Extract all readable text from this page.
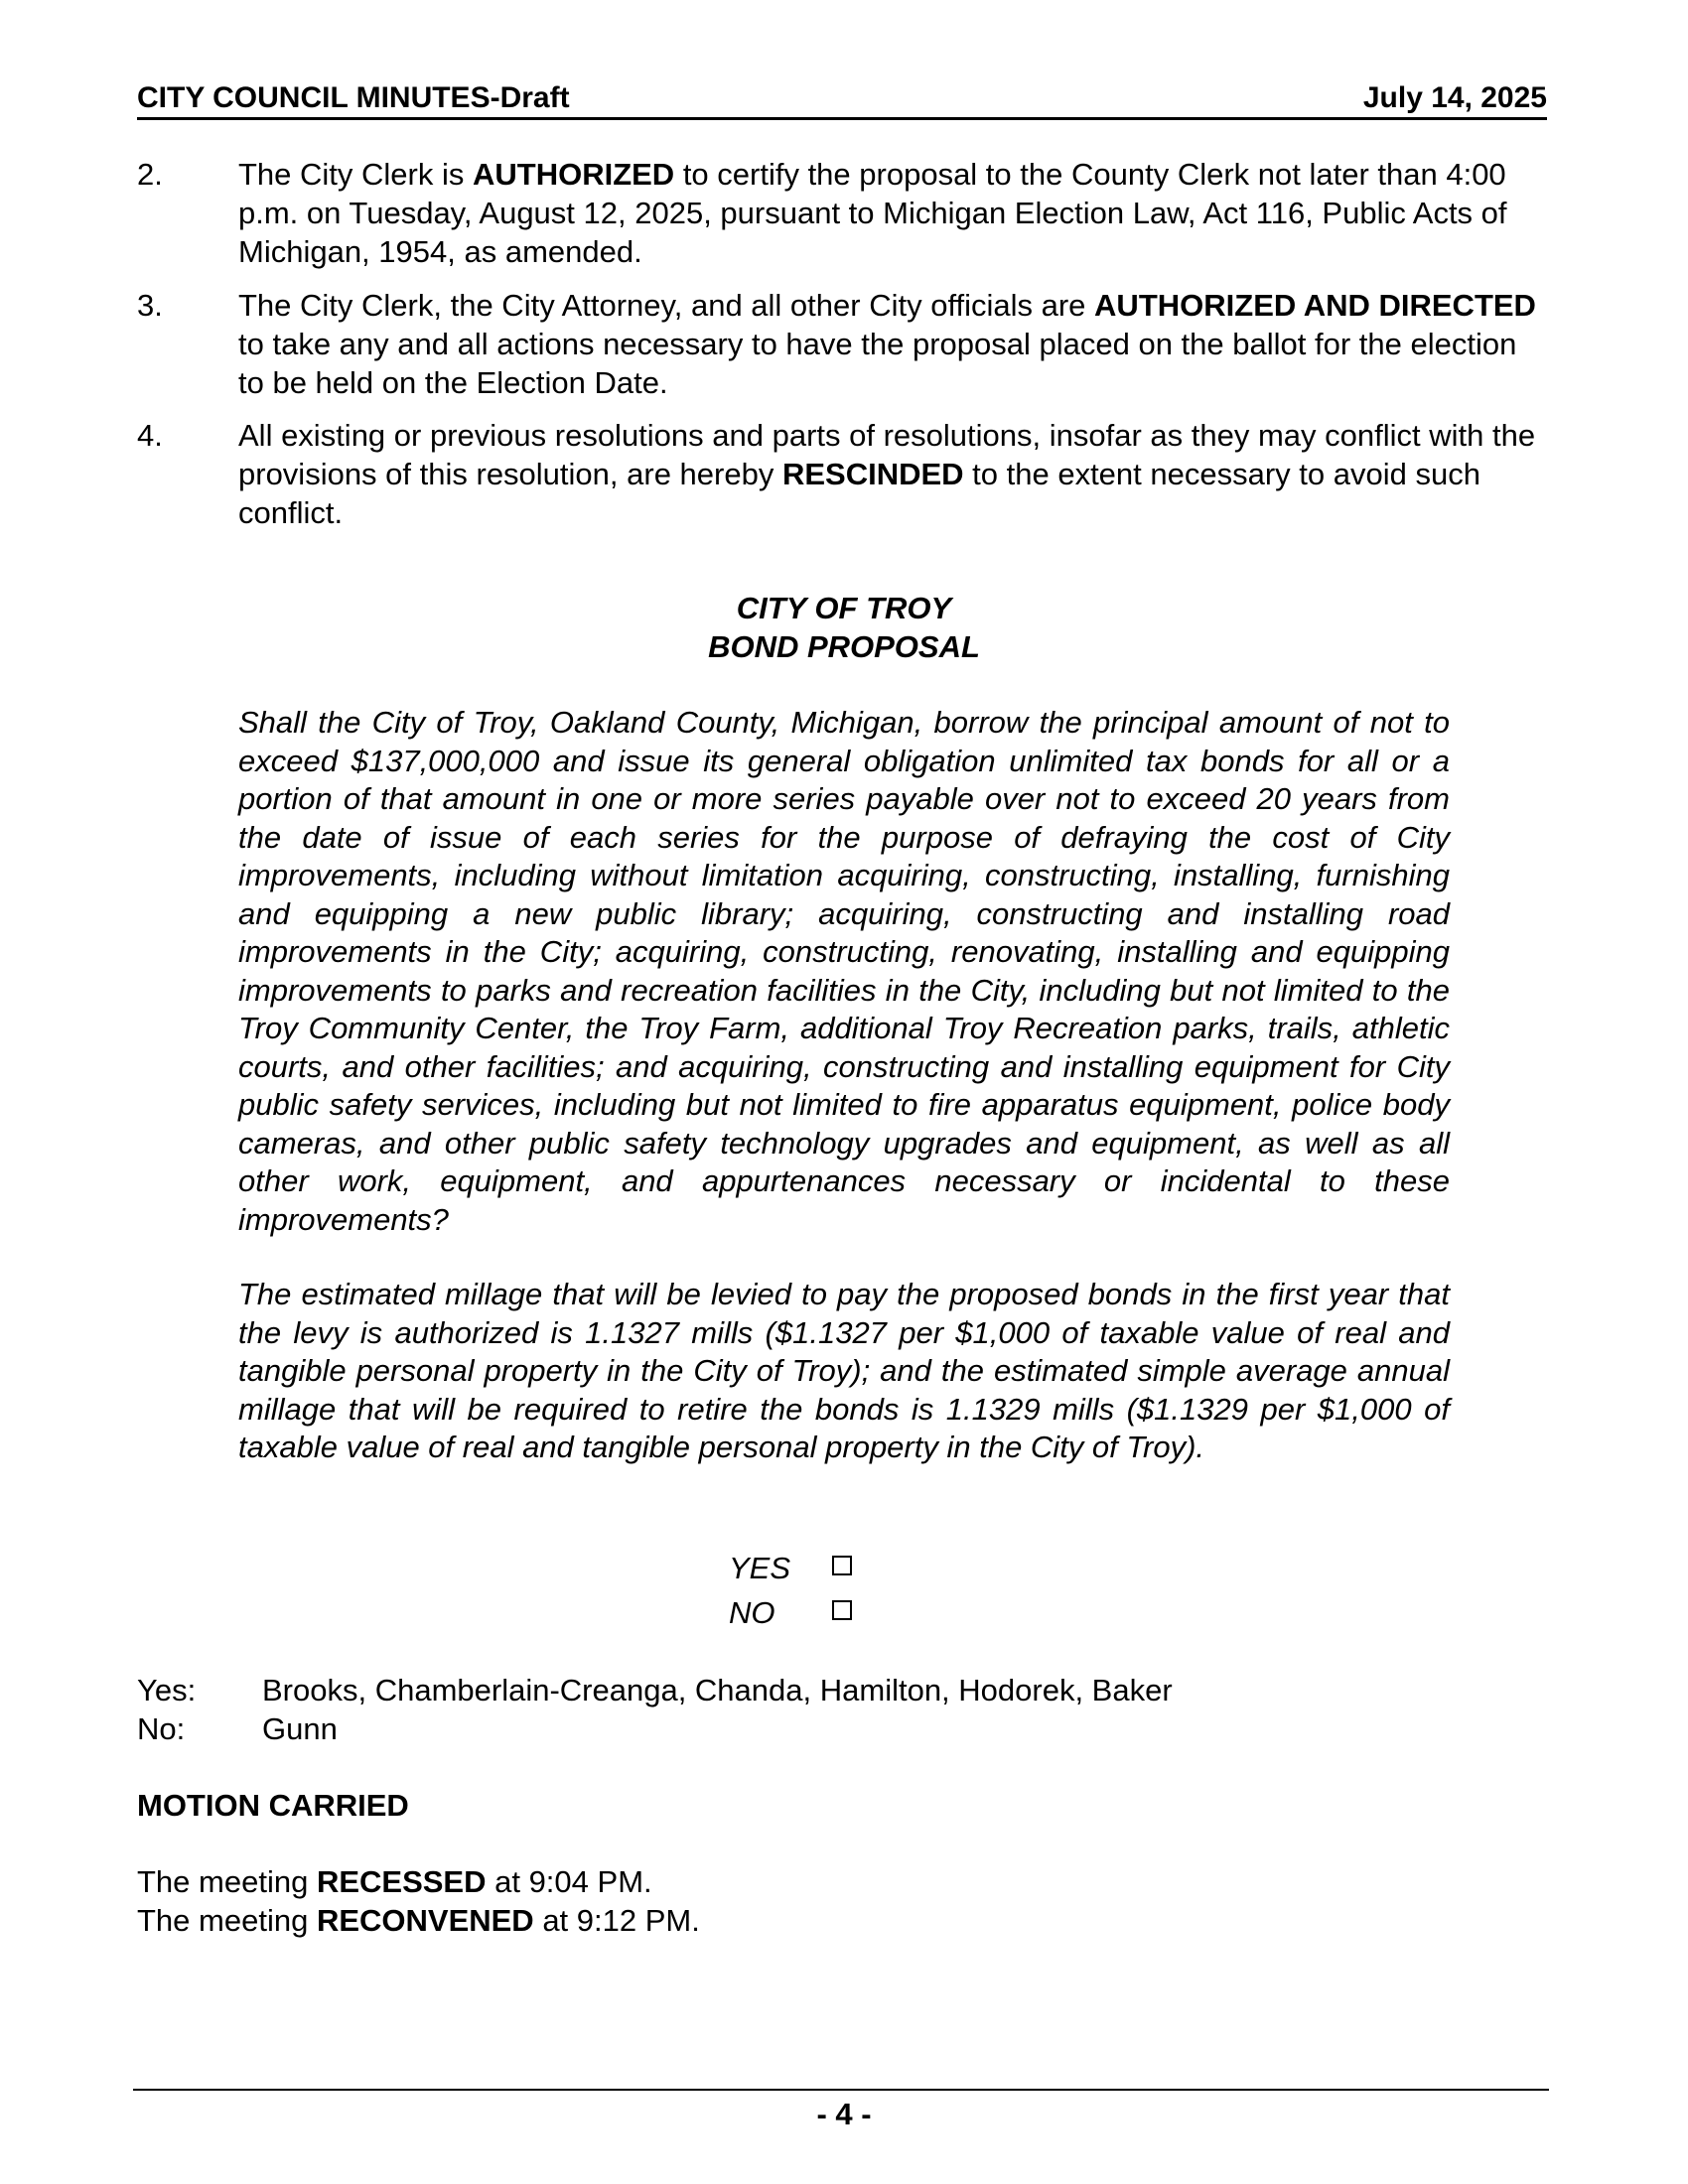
CITY COUNCIL MINUTES-Draft	July 14, 2025
2. The City Clerk is AUTHORIZED to certify the proposal to the County Clerk not later than 4:00 p.m. on Tuesday, August 12, 2025, pursuant to Michigan Election Law, Act 116, Public Acts of Michigan, 1954, as amended.
3. The City Clerk, the City Attorney, and all other City officials are AUTHORIZED AND DIRECTED to take any and all actions necessary to have the proposal placed on the ballot for the election to be held on the Election Date.
4. All existing or previous resolutions and parts of resolutions, insofar as they may conflict with the provisions of this resolution, are hereby RESCINDED to the extent necessary to avoid such conflict.
CITY OF TROY
BOND PROPOSAL
Shall the City of Troy, Oakland County, Michigan, borrow the principal amount of not to exceed $137,000,000 and issue its general obligation unlimited tax bonds for all or a portion of that amount in one or more series payable over not to exceed 20 years from the date of issue of each series for the purpose of defraying the cost of City improvements, including without limitation acquiring, constructing, installing, furnishing and equipping a new public library; acquiring, constructing and installing road improvements in the City; acquiring, constructing, renovating, installing and equipping improvements to parks and recreation facilities in the City, including but not limited to the Troy Community Center, the Troy Farm, additional Troy Recreation parks, trails, athletic courts, and other facilities; and acquiring, constructing and installing equipment for City public safety services, including but not limited to fire apparatus equipment, police body cameras, and other public safety technology upgrades and equipment, as well as all other work, equipment, and appurtenances necessary or incidental to these improvements?
The estimated millage that will be levied to pay the proposed bonds in the first year that the levy is authorized is 1.1327 mills ($1.1327 per $1,000 of taxable value of real and tangible personal property in the City of Troy); and the estimated simple average annual millage that will be required to retire the bonds is 1.1329 mills ($1.1329 per $1,000 of taxable value of real and tangible personal property in the City of Troy).
YES
NO
Yes: Brooks, Chamberlain-Creanga, Chanda, Hamilton, Hodorek, Baker
No:	Gunn
MOTION CARRIED
The meeting RECESSED at 9:04 PM.
The meeting RECONVENED at 9:12 PM.
- 4 -
